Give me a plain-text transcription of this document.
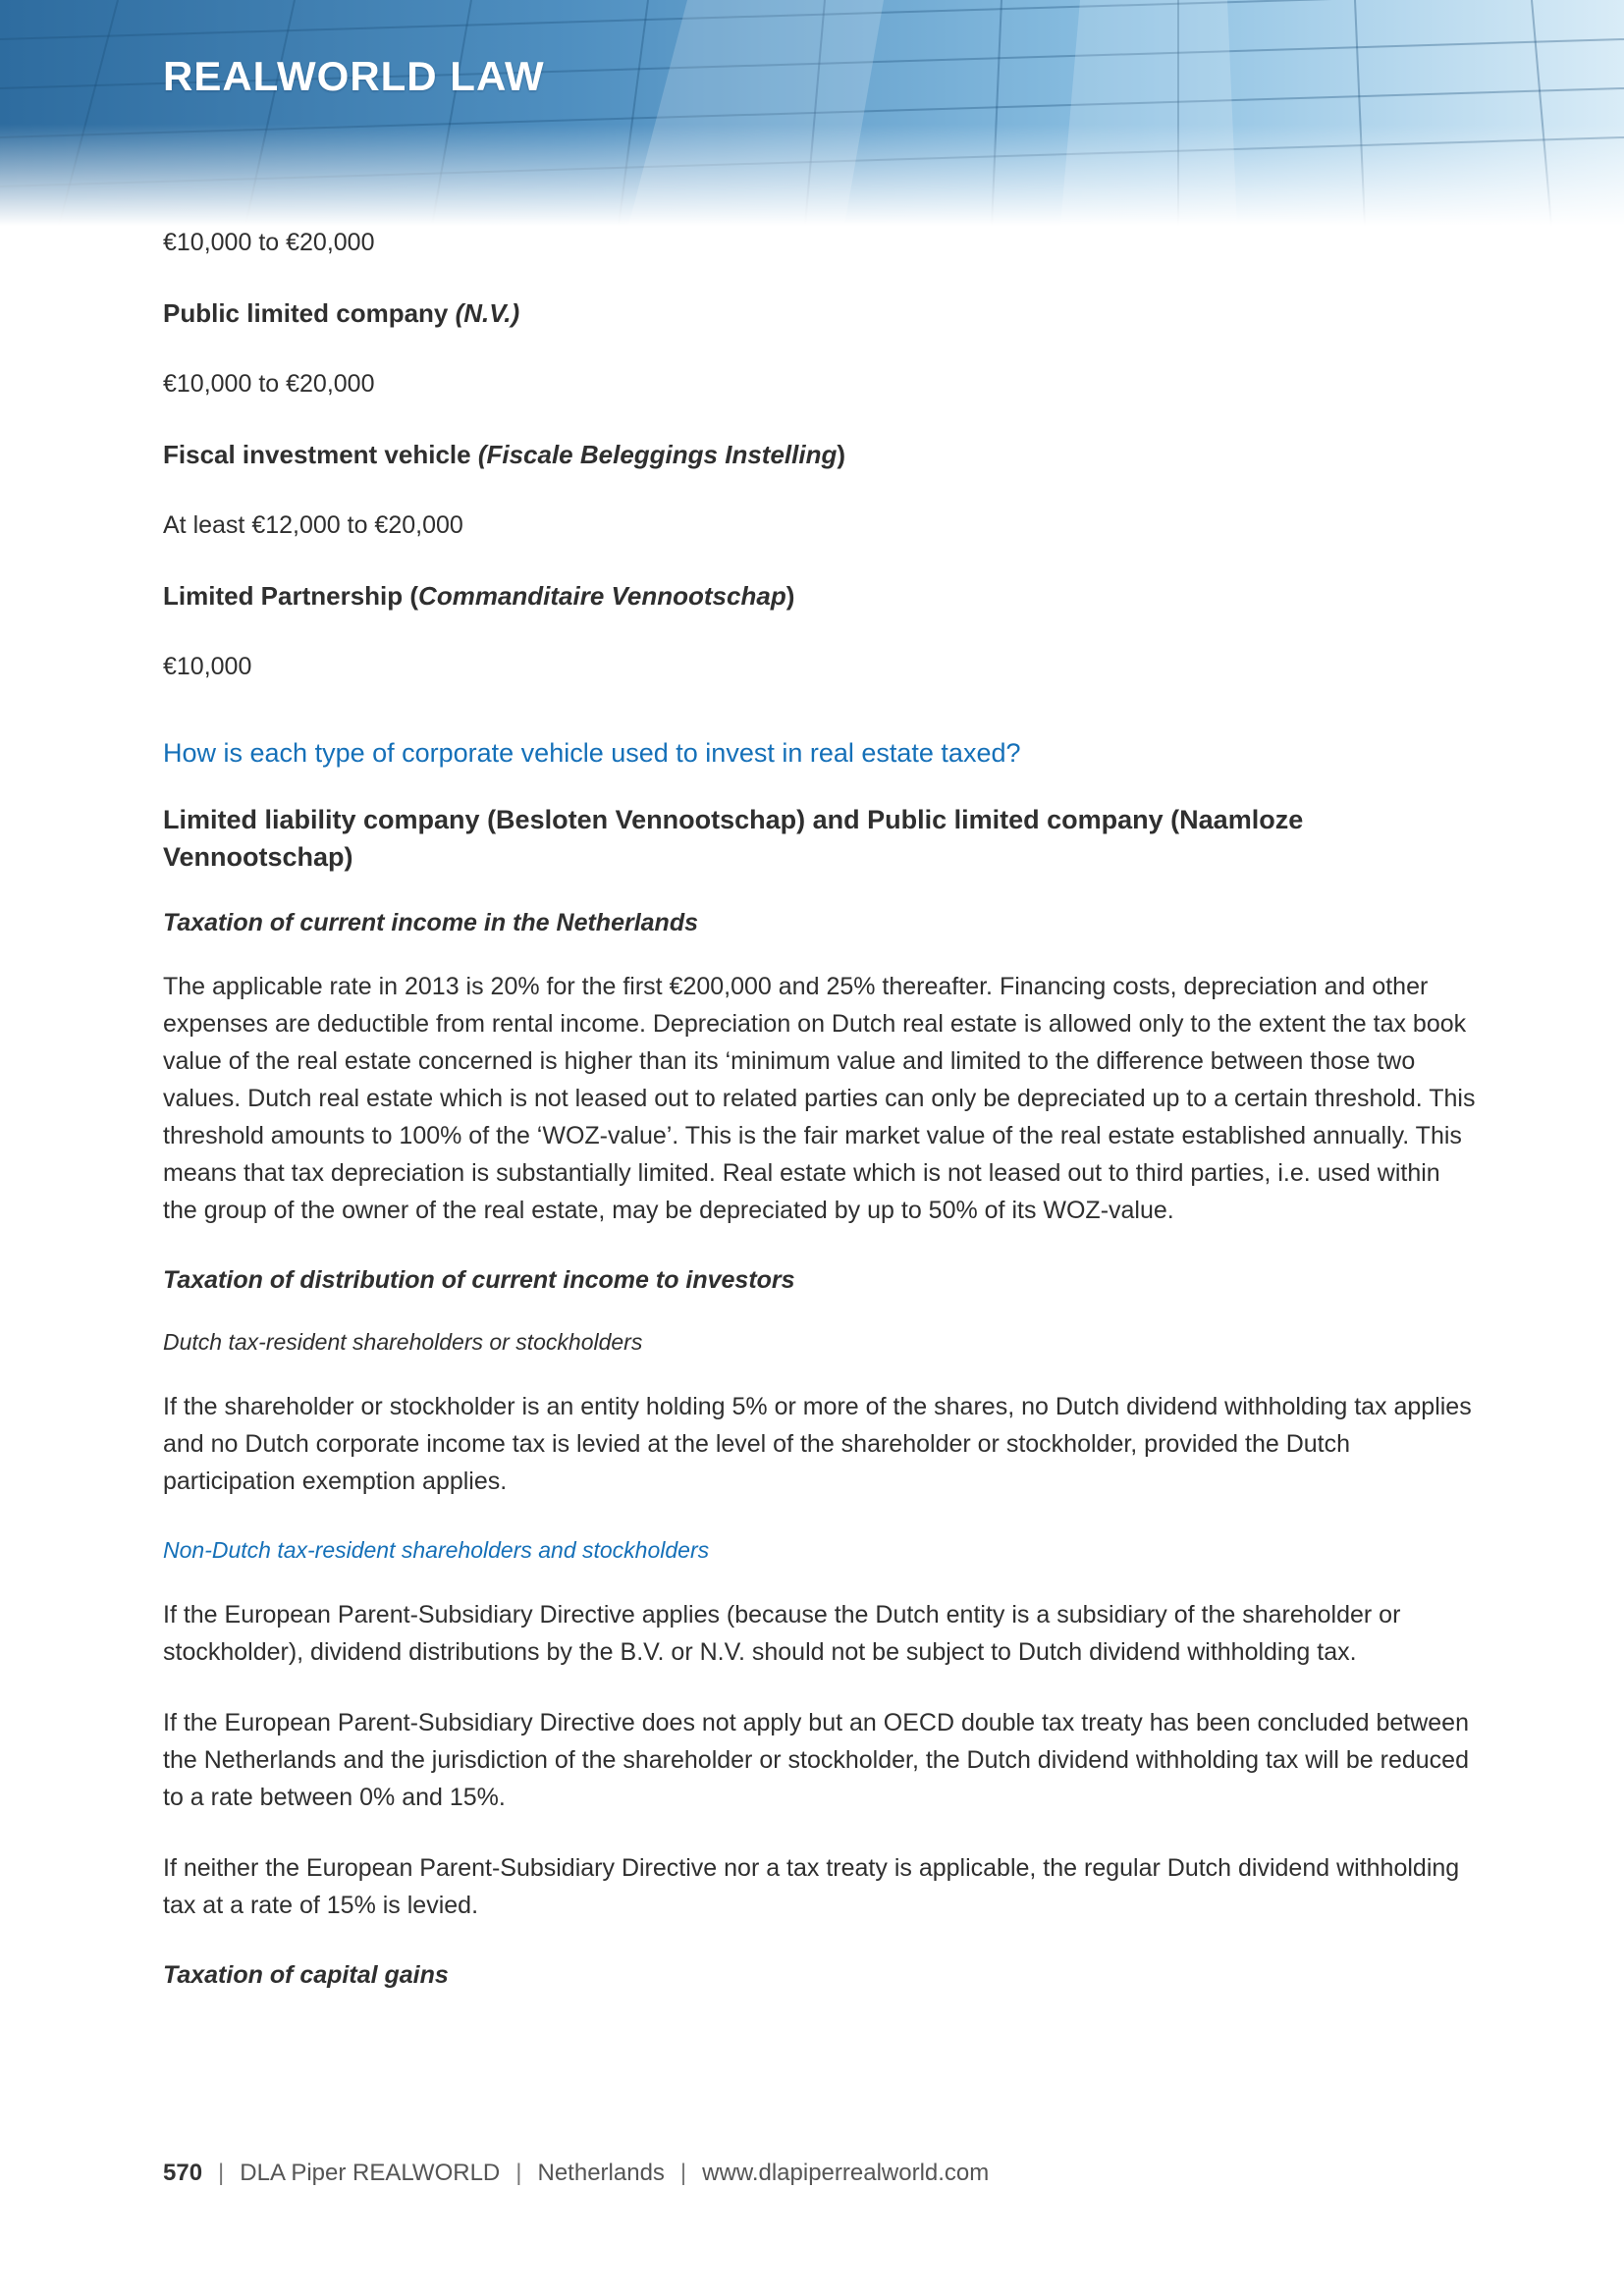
REALWORLD LAW
€10,000 to €20,000
Public limited company (N.V.)
€10,000 to €20,000
Fiscal investment vehicle (Fiscale Beleggings Instelling)
At least €12,000 to €20,000
Limited Partnership (Commanditaire Vennootschap)
€10,000
How is each type of corporate vehicle used to invest in real estate taxed?
Limited liability company (Besloten Vennootschap) and Public limited company (Naamloze Vennootschap)
Taxation of current income in the Netherlands
The applicable rate in 2013 is 20% for the first €200,000 and 25% thereafter. Financing costs, depreciation and other expenses are deductible from rental income. Depreciation on Dutch real estate is allowed only to the extent the tax book value of the real estate concerned is higher than its ‘minimum value and limited to the difference between those two values. Dutch real estate which is not leased out to related parties can only be depreciated up to a certain threshold. This threshold amounts to 100% of the ‘WOZ-value’. This is the fair market value of the real estate established annually. This means that tax depreciation is substantially limited. Real estate which is not leased out to third parties, i.e. used within the group of the owner of the real estate, may be depreciated by up to 50% of its WOZ-value.
Taxation of distribution of current income to investors
Dutch tax-resident shareholders or stockholders
If the shareholder or stockholder is an entity holding 5% or more of the shares, no Dutch dividend withholding tax applies and no Dutch corporate income tax is levied at the level of the shareholder or stockholder, provided the Dutch participation exemption applies.
Non-Dutch tax-resident shareholders and stockholders
If the European Parent-Subsidiary Directive applies (because the Dutch entity is a subsidiary of the shareholder or stockholder), dividend distributions by the B.V. or N.V. should not be subject to Dutch dividend withholding tax.
If the European Parent-Subsidiary Directive does not apply but an OECD double tax treaty has been concluded between the Netherlands and the jurisdiction of the shareholder or stockholder, the Dutch dividend withholding tax will be reduced to a rate between 0% and 15%.
If neither the European Parent-Subsidiary Directive nor a tax treaty is applicable, the regular Dutch dividend withholding tax at a rate of 15% is levied.
Taxation of capital gains
570 | DLA Piper REALWORLD | Netherlands | www.dlapiperrealworld.com
